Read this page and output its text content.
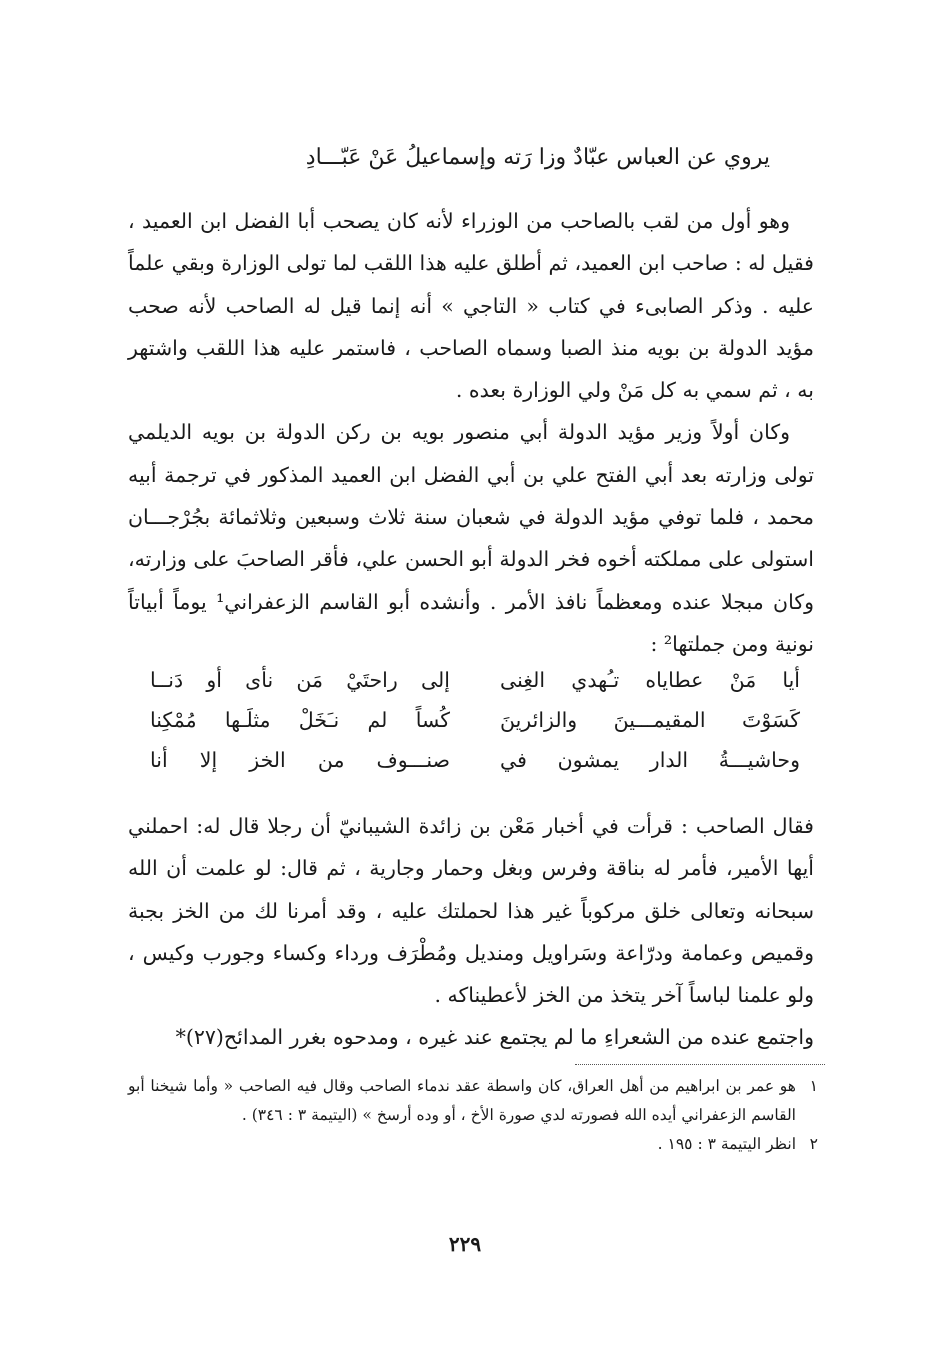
يروي عن العباس عبّادٌ وزا رَته وإسماعيلُ عَنْ عَبّـــادِ

وهو أول من لقب بالصاحب من الوزراء لأنه كان يصحب أبا الفضل ابن العميد ، فقيل له : صاحب ابن العميد، ثم أطلق عليه هذا اللقب لما تولى الوزارة وبقي علماً عليه . وذكر الصابىء في كتاب « التاجي » أنه إنما قيل له الصاحب لأنه صحب مؤيد الدولة بن بويه منذ الصبا وسماه الصاحب ، فاستمر عليه هذا اللقب واشتهر به ، ثم سمي به كل مَنْ ولي الوزارة بعده .

وكان أولاً وزير مؤيد الدولة أبي منصور بويه بن ركن الدولة بن بويه الديلمي تولى وزارته بعد أبي الفتح علي بن أبي الفضل ابن العميد المذكور في ترجمة أبيه محمد ، فلما توفي مؤيد الدولة في شعبان سنة ثلاث وسبعين وثلاثمائة بجُرْجـــان استولى على مملكته أخوه فخر الدولة أبو الحسن علي، فأقر الصاحبَ على وزارته، وكان مبجلا عنده ومعظماً نافذ الأمر . وأنشده أبو القاسم الزعفراني¹ يوماً أبياتاً نونية ومن جملتها² :

أيا مَنْ عطاياه تـُهدي الغِنى
إلى راحتَيْ مَن نأى أو دَنــا
كَسَوْتَ المقيمـــينَ والزائرينَ
كُساً لم نـَخَلْ مثلَـها مُمْكِنا
وحاشيـــةُ الدار يمشون في
صنـــوف من الخز إلا أنا

فقال الصاحب : قرأت في أخبار مَعْن بن زائدة الشيبانيّ أن رجلا قال له: احملني أيها الأمير، فأمر له بناقة وفرس وبغل وحمار وجارية ، ثم قال: لو علمت أن الله سبحانه وتعالى خلق مركوباً غير هذا لحملتك عليه ، وقد أمرنا لك من الخز بجبة وقميص وعمامة ودرّاعة وسَراويل ومنديل ومُطْرَف ورداء وكساء وجورب وكيس ، ولو علمنا لباساً آخر يتخذ من الخز لأعطيناكه .

واجتمع عنده من الشعراءِ ما لم يجتمع عند غيره ، ومدحوه بغرر المدائح(٢٧)*

١
هو عمر بن ابراهيم من أهل العراق، كان واسطة عقد ندماء الصاحب وقال فيه الصاحب « وأما شيخنا أبو القاسم الزعفراني أيده الله فصورته لدي صورة الأخ ، أو وده أرسخ » (اليتيمة ٣ : ٣٤٦) .
٢
انظر اليتيمة ٣ : ١٩٥ .
٢٢٩
